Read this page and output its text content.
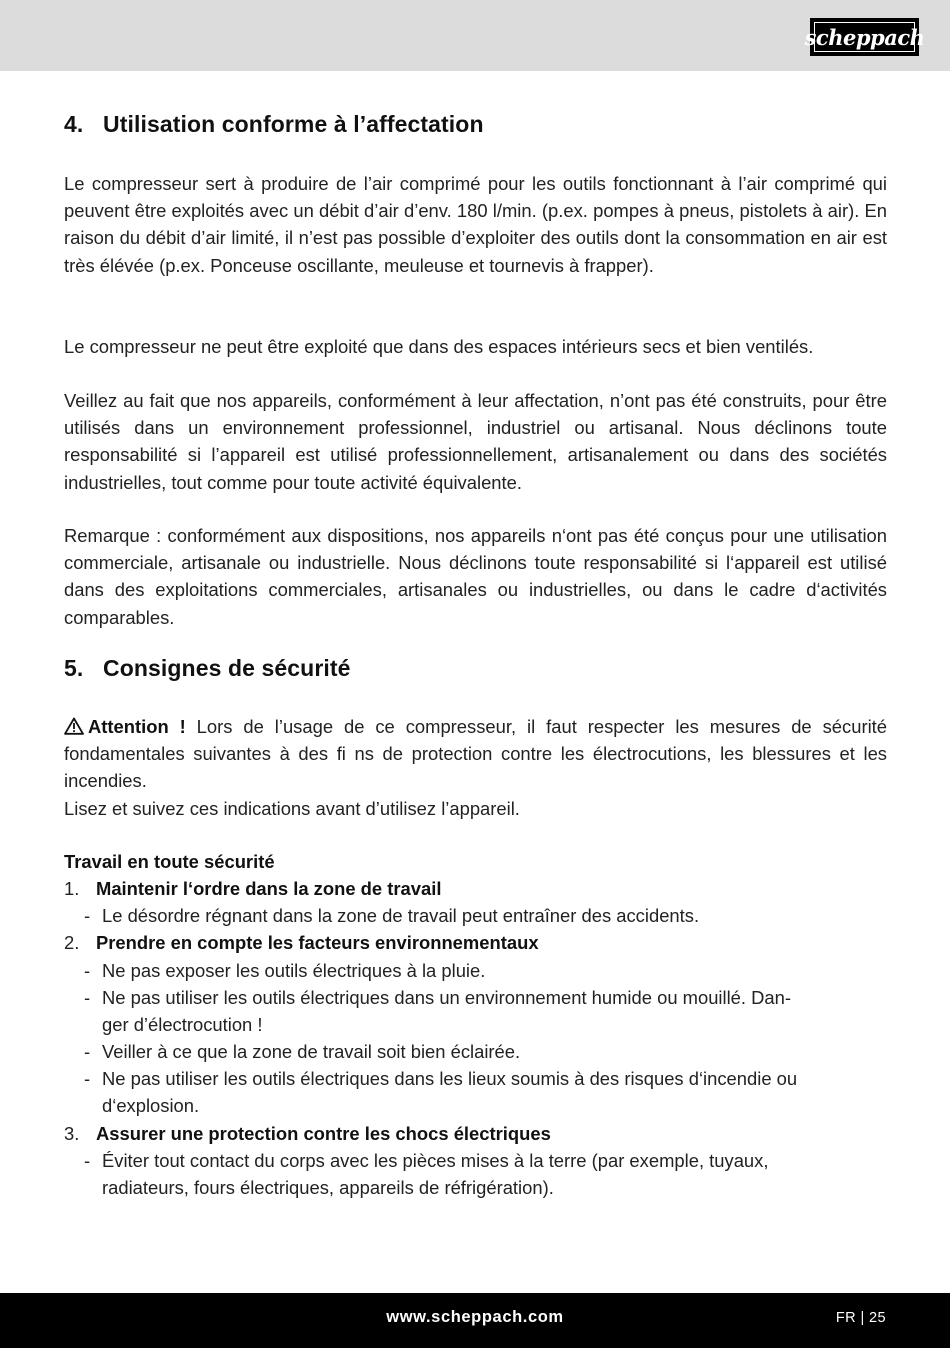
scheppach
4. Utilisation conforme à l’affectation

Le compresseur sert à produire de l’air comprimé pour les outils fonctionnant à l’air comprimé qui peuvent être exploités avec un débit d’air d’env. 180 l/min. (p.ex. pompes à pneus, pistolets à air). En raison du débit d’air limité, il n’est pas possible d’exploiter des outils dont la consommation en air est très élévée (p.ex. Ponceuse oscillante, meuleuse et tournevis à frapper).

Le compresseur ne peut être exploité que dans des espaces intérieurs secs et bien ventilés.

Veillez au fait que nos appareils, conformément à leur affectation, n’ont pas été construits, pour être utilisés dans un environnement professionnel, industriel ou artisanal. Nous déclinons toute responsabilité si l’appareil est utilisé professionnellement, artisanalement ou dans des sociétés industrielles, tout comme pour toute activité équivalente.

Remarque : conformément aux dispositions, nos appareils n‘ont pas été conçus pour une utilisation commerciale, artisanale ou industrielle. Nous déclinons toute responsabilité si l‘appareil est utilisé dans des exploitations commerciales, artisanales ou industrielles, ou dans le cadre d‘activités comparables.

5. Consignes de sécurité

Attention ! Lors de l’usage de ce compresseur, il faut respecter les mesures de sécurité fondamentales suivantes à des fi ns de protection contre les électrocutions, les blessures et les incendies.

Lisez et suivez ces indications avant d’utilisez l’appareil.
Travail en toute sécurité
1. Maintenir l‘ordre dans la zone de travail
- Le désordre régnant dans la zone de travail peut entraîner des accidents.
2. Prendre en compte les facteurs environnementaux
- Ne pas exposer les outils électriques à la pluie.
- Ne pas utiliser les outils électriques dans un environnement humide ou mouillé. Dan-
ger d’électrocution !
- Veiller à ce que la zone de travail soit bien éclairée.
- Ne pas utiliser les outils électriques dans les lieux soumis à des risques d‘incendie ou
d‘explosion.
3. Assurer une protection contre les chocs électriques
- Éviter tout contact du corps avec les pièces mises à la terre (par exemple, tuyaux,
radiateurs, fours électriques, appareils de réfrigération).
www.scheppach.com	FR | 25
